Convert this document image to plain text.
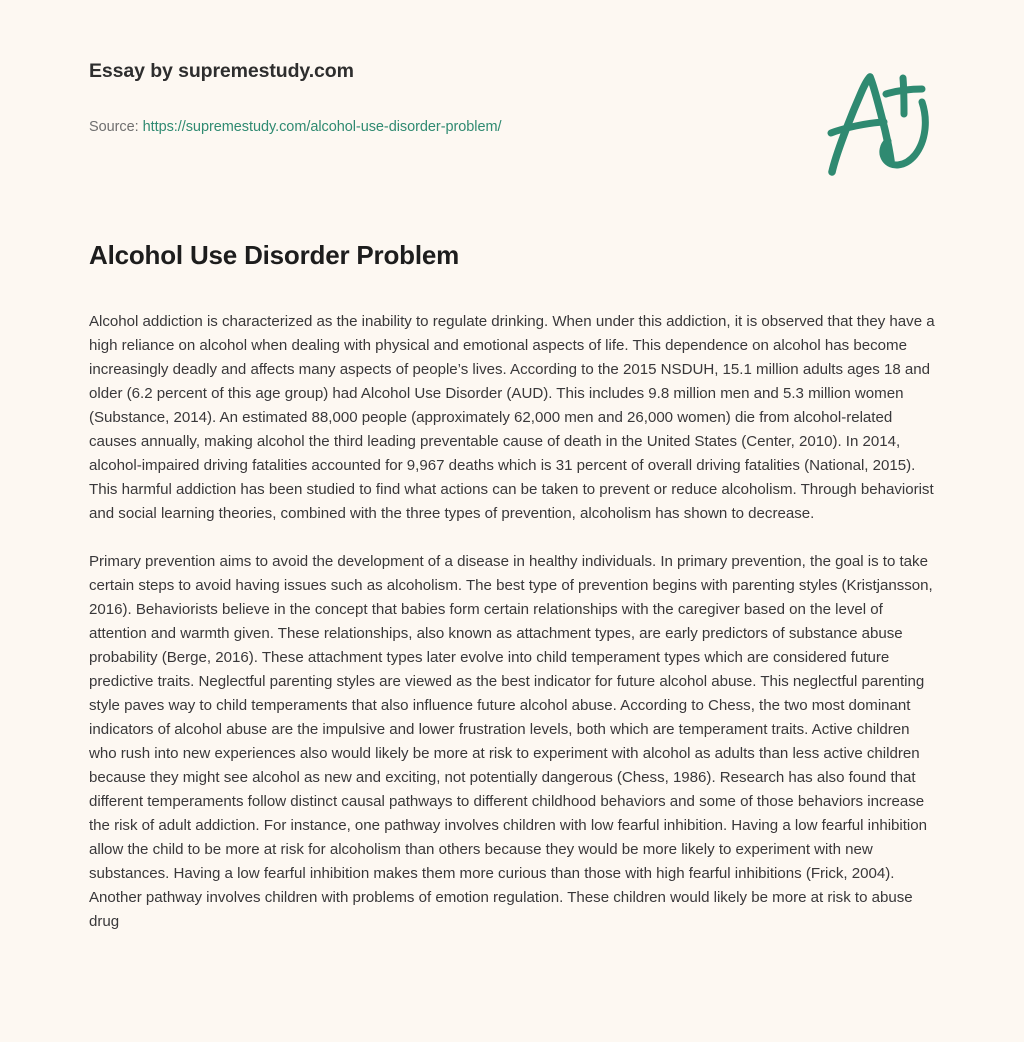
Essay by supremestudy.com
Source: https://supremestudy.com/alcohol-use-disorder-problem/
Alcohol Use Disorder Problem

Alcohol addiction is characterized as the inability to regulate drinking. When under this addiction, it is observed that they have a high reliance on alcohol when dealing with physical and emotional aspects of life. This dependence on alcohol has become increasingly deadly and affects many aspects of people’s lives. According to the 2015 NSDUH, 15.1 million adults ages 18 and older (6.2 percent of this age group) had Alcohol Use Disorder (AUD). This includes 9.8 million men and 5.3 million women (Substance, 2014). An estimated 88,000 people (approximately 62,000 men and 26,000 women) die from alcohol-related causes annually, making alcohol the third leading preventable cause of death in the United States (Center, 2010). In 2014, alcohol-impaired driving fatalities accounted for 9,967 deaths which is 31 percent of overall driving fatalities (National, 2015). This harmful addiction has been studied to find what actions can be taken to prevent or reduce alcoholism. Through behaviorist and social learning theories, combined with the three types of prevention, alcoholism has shown to decrease.

Primary prevention aims to avoid the development of a disease in healthy individuals. In primary prevention, the goal is to take certain steps to avoid having issues such as alcoholism. The best type of prevention begins with parenting styles (Kristjansson, 2016). Behaviorists believe in the concept that babies form certain relationships with the caregiver based on the level of attention and warmth given. These relationships, also known as attachment types, are early predictors of substance abuse probability (Berge, 2016). These attachment types later evolve into child temperament types which are considered future predictive traits. Neglectful parenting styles are viewed as the best indicator for future alcohol abuse. This neglectful parenting style paves way to child temperaments that also influence future alcohol abuse. According to Chess, the two most dominant indicators of alcohol abuse are the impulsive and lower frustration levels, both which are temperament traits. Active children who rush into new experiences also would likely be more at risk to experiment with alcohol as adults than less active children because they might see alcohol as new and exciting, not potentially dangerous (Chess, 1986). Research has also found that different temperaments follow distinct causal pathways to different childhood behaviors and some of those behaviors increase the risk of adult addiction. For instance, one pathway involves children with low fearful inhibition. Having a low fearful inhibition allow the child to be more at risk for alcoholism than others because they would be more likely to experiment with new substances. Having a low fearful inhibition makes them more curious than those with high fearful inhibitions (Frick, 2004). Another pathway involves children with problems of emotion regulation. These children would likely be more at risk to abuse drug
